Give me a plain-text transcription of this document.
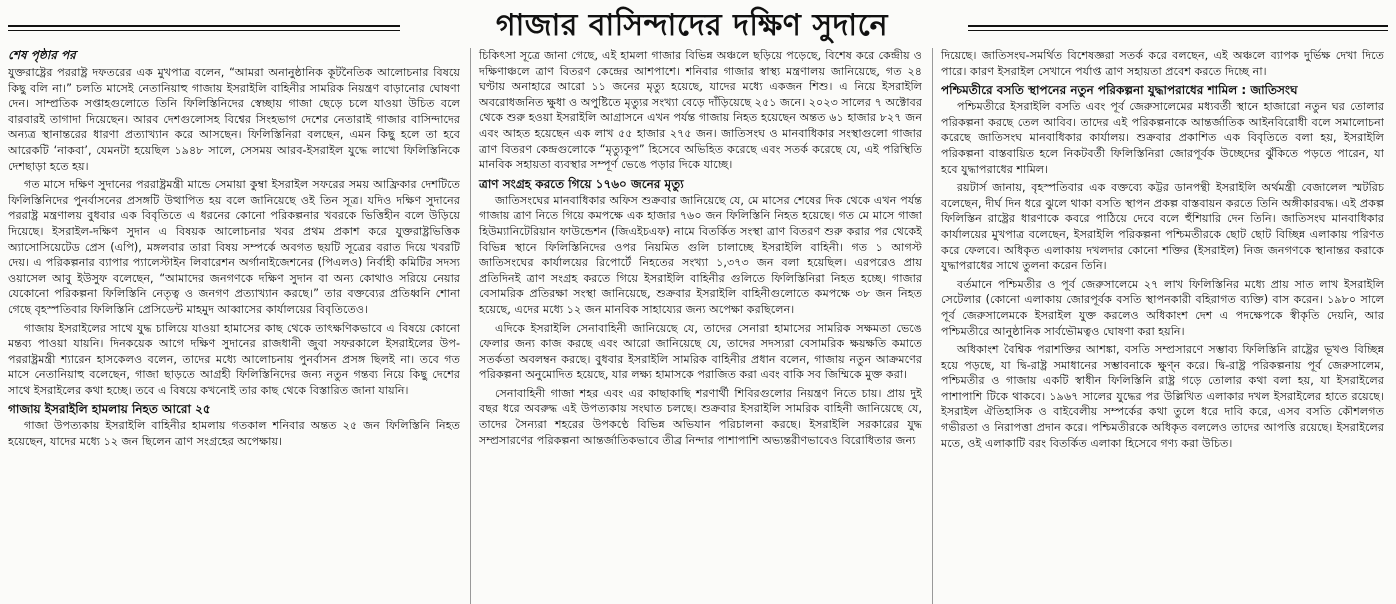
গাজার বাসিন্দাদের দক্ষিণ সুদানে
শেষ পৃষ্ঠার পর

যুক্তরাষ্ট্রের পররাষ্ট্র দফতরের এক মুখপাত্র বলেন, “আমরা অনানুষ্ঠানিক কূটনৈতিক আলোচনার বিষয়ে কিছু বলি না।” চলতি মাসেই নেতানিয়াহু গাজায় ইসরাইলি বাহিনীর সামরিক নিয়ন্ত্রণ বাড়ানোর ঘোষণা দেন। সাম্প্রতিক সপ্তাহগুলোতে তিনি ফিলিস্তিনিদের স্বেচ্ছায় গাজা ছেড়ে চলে যাওয়া উচিত বলে বারবারই তাগাদা দিয়েছেন। আরব দেশগুলোসহ বিশ্বের সিংহভাগ দেশের নেতারাই গাজার বাসিন্দাদের অন্যত্র স্থানান্তরের ধারণা প্রত্যাখ্যান করে আসছেন। ফিলিস্তিনিরা বলছেন, এমন কিছু হলে তা হবে আরেকটি ‘নাকবা’, যেমনটা হয়েছিল ১৯৪৮ সালে, সেসময় আরব-ইসরাইল যুদ্ধে লাখো ফিলিস্তিনিকে দেশছাড়া হতে হয়।

গত মাসে দক্ষিণ সুদানের পররাষ্ট্রমন্ত্রী মান্ডে সেমায়া কুম্বা ইসরাইল সফরের সময় আফ্রিকার দেশটিতে ফিলিস্তিনিদের পুনর্বাসনের প্রসঙ্গটি উত্থাপিত হয় বলে জানিয়েছে ওই তিন সূত্র। যদিও দক্ষিণ সুদানের পররাষ্ট্র মন্ত্রণালয় বুধবার এক বিবৃতিতে এ ধরনের কোনো পরিকল্পনার খবরকে ভিত্তিহীন বলে উড়িয়ে দিয়েছে। ইসরাইল-দক্ষিণ সুদান এ বিষয়ক আলোচনার খবর প্রথম প্রকাশ করে যুক্তরাষ্ট্রভিত্তিক অ্যাসোসিয়েটেড প্রেস (এপি), মঙ্গলবার তারা বিষয় সম্পর্কে অবগত ছয়টি সূত্রের বরাত দিয়ে খবরটি দেয়। এ পরিকল্পনার ব্যাপার প্যালেস্টাইন লিবারেশন অর্গানাইজেশনের (পিএলও) নির্বাহী কমিটির সদস্য ওয়াসেল আবু ইউসুফ বলেছেন, “আমাদের জনগণকে দক্ষিণ সুদান বা অন্য কোথাও সরিয়ে নেয়ার যেকোনো পরিকল্পনা ফিলিস্তিনি নেতৃত্ব ও জনগণ প্রত্যাখ্যান করছে।” তার বক্তব্যের প্রতিধ্বনি শোনা গেছে বৃহস্পতিবার ফিলিস্তিনি প্রেসিডেন্ট মাহমুদ আব্বাসের কার্যালয়ের বিবৃতিতেও।

গাজায় ইসরাইলের সাথে যুদ্ধ চালিয়ে যাওয়া হামাসের কাছ থেকে তাৎক্ষণিকভাবে এ বিষয়ে কোনো মন্তব্য পাওয়া যায়নি। দিনকয়েক আগে দক্ষিণ সুদানের রাজধানী জুবা সফরকালে ইসরাইলের উপ-পররাষ্ট্রমন্ত্রী শ্যারেন হাসকেলও বলেন, তাদের মধ্যে আলোচনায় পুনর্বাসন প্রসঙ্গ ছিলই না। তবে গত মাসে নেতানিয়াহু বলেছেন, গাজা ছাড়তে আগ্রহী ফিলিস্তিনিদের জন্য নতুন গন্তব্য নিয়ে কিছু দেশের সাথে ইসরাইলের কথা হচ্ছে। তবে এ বিষয়ে কখনোই তার কাছ থেকে বিস্তারিত জানা যায়নি।

গাজায় ইসরাইলি হামলায় নিহত আরো ২৫

গাজা উপত্যকায় ইসরাইলি বাহিনীর হামলায় গতকাল শনিবার অন্তত ২৫ জন ফিলিস্তিনি নিহত হয়েছেন, যাদের মধ্যে ১২ জন ছিলেন ত্রাণ সংগ্রহের অপেক্ষায়।

চিকিৎসা সূত্রে জানা গেছে, এই হামলা গাজার বিভিন্ন অঞ্চলে ছড়িয়ে পড়েছে, বিশেষ করে কেন্দ্রীয় ও দক্ষিণাঞ্চলে ত্রাণ বিতরণ কেন্দ্রের আশপাশে। শনিবার গাজার স্বাস্থ্য মন্ত্রণালয় জানিয়েছে, গত ২৪ ঘণ্টায় অনাহারে আরো ১১ জনের মৃত্যু হয়েছে, যাদের মধ্যে একজন শিশু। এ নিয়ে ইসরাইলি অবরোধজনিত ক্ষুধা ও অপুষ্টিতে মৃত্যুর সংখ্যা বেড়ে দাঁড়িয়েছে ২৫১ জনে। ২০২৩ সালের ৭ অক্টোবর থেকে শুরু হওয়া ইসরাইলি আগ্রাসনে এখন পর্যন্ত গাজায় নিহত হয়েছেন অন্তত ৬১ হাজার ৮২৭ জন এবং আহত হয়েছেন এক লাখ ৫৫ হাজার ২৭৫ জন। জাতিসংঘ ও মানবাধিকার সংস্থাগুলো গাজার ত্রাণ বিতরণ কেন্দ্রগুলোকে “মৃত্যুকূপ” হিসেবে অভিহিত করেছে এবং সতর্ক করেছে যে, এই পরিস্থিতি মানবিক সহায়তা ব্যবস্থার সম্পূর্ণ ভেঙে পড়ার দিকে যাচ্ছে।

ত্রাণ সংগ্রহ করতে গিয়ে ১৭৬০ জনের মৃত্যু

জাতিসংঘের মানবাধিকার অফিস শুক্রবার জানিয়েছে যে, মে মাসের শেষের দিক থেকে এখন পর্যন্ত গাজায় ত্রাণ নিতে গিয়ে কমপক্ষে এক হাজার ৭৬০ জন ফিলিস্তিনি নিহত হয়েছে। গত মে মাসে গাজা হিউম্যানিটেরিয়ান ফাউন্ডেশন (জিএইচএফ) নামে বিতর্কিত সংস্থা ত্রাণ বিতরণ শুরু করার পর থেকেই বিভিন্ন স্থানে ফিলিস্তিনিদের ওপর নিয়মিত গুলি চালাচ্ছে ইসরাইলি বাহিনী। গত ১ আগস্ট জাতিসংঘের কার্যালয়ের রিপোর্টে নিহতের সংখ্যা ১,৩৭৩ জন বলা হয়েছিল। এরপরেও প্রায় প্রতিদিনই ত্রাণ সংগ্রহ করতে গিয়ে ইসরাইলি বাহিনীর গুলিতে ফিলিস্তিনিরা নিহত হচ্ছে। গাজার বেসামরিক প্রতিরক্ষা সংস্থা জানিয়েছে, শুক্রবার ইসরাইলি বাহিনীগুলোতে কমপক্ষে ৩৮ জন নিহত হয়েছে, এদের মধ্যে ১২ জন মানবিক সাহায্যের জন্য অপেক্ষা করছিলেন।

এদিকে ইসরাইলি সেনাবাহিনী জানিয়েছে যে, তাদের সেনারা হামাসের সামরিক সক্ষমতা ভেঙে ফেলার জন্য কাজ করছে এবং আরো জানিয়েছে যে, তাদের সদস্যরা বেসামরিক ক্ষয়ক্ষতি কমাতে সতর্কতা অবলম্বন করছে। বুধবার ইসরাইলি সামরিক বাহিনীর প্রধান বলেন, গাজায় নতুন আক্রমণের পরিকল্পনা অনুমোদিত হয়েছে, যার লক্ষ্য হামাসকে পরাজিত করা এবং বাকি সব জিম্মিকে মুক্ত করা।

সেনাবাহিনী গাজা শহর এবং এর কাছাকাছি শরণার্থী শিবিরগুলোর নিয়ন্ত্রণ নিতে চায়। প্রায় দুই বছর ধরে অবরুদ্ধ এই উপত্যকায় সংঘাত চলছে। শুক্রবার ইসরাইলি সামরিক বাহিনী জানিয়েছে যে, তাদের সৈন্যরা শহরের উপকণ্ঠে বিভিন্ন অভিযান পরিচালনা করছে। ইসরাইলি সরকারের যুদ্ধ সম্প্রসারণের পরিকল্পনা আন্তর্জাতিকভাবে তীব্র নিন্দার পাশাপাশি অভ্যন্তরীণভাবেও বিরোধিতার জন্য

দিয়েছে। জাতিসংঘ-সমর্থিত বিশেষজ্ঞরা সতর্ক করে বলছেন, এই অঞ্চলে ব্যাপক দুর্ভিক্ষ দেখা দিতে পারে। কারণ ইসরাইল সেখানে পর্যাপ্ত ত্রাণ সহায়তা প্রবেশ করতে দিচ্ছে না।

পশ্চিমতীরে বসতি স্থাপনের নতুন পরিকল্পনা যুদ্ধাপরাধের শামিল : জাতিসংঘ

পশ্চিমতীরে ইসরাইলি বসতি এবং পূর্ব জেরুসালেমের মধ্যবর্তী স্থানে হাজারো নতুন ঘর তোলার পরিকল্পনা করছে তেল আবিব। তাদের এই পরিকল্পনাকে আন্তর্জাতিক আইনবিরোধী বলে সমালোচনা করেছে জাতিসংঘ মানবাধিকার কার্যালয়। শুক্রবার প্রকাশিত এক বিবৃতিতে বলা হয়, ইসরাইলি পরিকল্পনা বাস্তবায়িত হলে নিকটবর্তী ফিলিস্তিনিরা জোরপূর্বক উচ্ছেদের ঝুঁকিতে পড়তে পারেন, যা হবে যুদ্ধাপরাধের শামিল।

রয়টার্স জানায়, বৃহস্পতিবার এক বক্তব্যে কট্টর ডানপন্থী ইসরাইলি অর্থমন্ত্রী বেজালেল স্মটরিচ বলেছেন, দীর্ঘ দিন ধরে ঝুলে থাকা বসতি স্থাপন প্রকল্প বাস্তবায়ন করতে তিনি অঙ্গীকারবদ্ধ। এই প্রকল্প ফিলিস্তিন রাষ্ট্রের ধারণাকে কবরে পাঠিয়ে দেবে বলে হুঁশিয়ারি দেন তিনি। জাতিসংঘ মানবাধিকার কার্যালয়ের মুখপাত্র বলেছেন, ইসরাইলি পরিকল্পনা পশ্চিমতীরকে ছোট ছোট বিচ্ছিন্ন এলাকায় পরিণত করে ফেলবে। অধিকৃত এলাকায় দখলদার কোনো শক্তির (ইসরাইল) নিজ জনগণকে স্থানান্তর করাকে যুদ্ধাপরাধের সাথে তুলনা করেন তিনি।

বর্তমানে পশ্চিমতীর ও পূর্ব জেরুসালেমে ২৭ লাখ ফিলিস্তিনির মধ্যে প্রায় সাত লাখ ইসরাইলি সেটেলার (কোনো এলাকায় জোরপূর্বক বসতি স্থাপনকারী বহিরাগত ব্যক্তি) বাস করেন। ১৯৮০ সালে পূর্ব জেরুসালেমকে ইসরাইল যুক্ত করলেও অধিকাংশ দেশ এ পদক্ষেপকে স্বীকৃতি দেয়নি, আর পশ্চিমতীরে আনুষ্ঠানিক সার্বভৌমত্বও ঘোষণা করা হয়নি।

অধিকাংশ বৈশ্বিক পরাশক্তির আশঙ্কা, বসতি সম্প্রসারণে সম্ভাব্য ফিলিস্তিনি রাষ্ট্রের ভূখণ্ড বিচ্ছিন্ন হয়ে পড়ছে, যা দ্বি-রাষ্ট্র সমাধানের সম্ভাবনাকে ক্ষুণ্ন করে। দ্বি-রাষ্ট্র পরিকল্পনায় পূর্ব জেরুসালেম, পশ্চিমতীর ও গাজায় একটি স্বাধীন ফিলিস্তিনি রাষ্ট্র গড়ে তোলার কথা বলা হয়, যা ইসরাইলের পাশাপাশি টিকে থাকবে। ১৯৬৭ সালের যুদ্ধের পর উল্লিখিত এলাকার দখল ইসরাইলের হাতে রয়েছে। ইসরাইল ঐতিহাসিক ও বাইবেলীয় সম্পর্কের কথা তুলে ধরে দাবি করে, এসব বসতি কৌশলগত গভীরতা ও নিরাপত্তা প্রদান করে। পশ্চিমতীরকে অধিকৃত বললেও তাদের আপত্তি রয়েছে। ইসরাইলের মতে, ওই এলাকাটি বরং বিতর্কিত এলাকা হিসেবে গণ্য করা উচিত।
